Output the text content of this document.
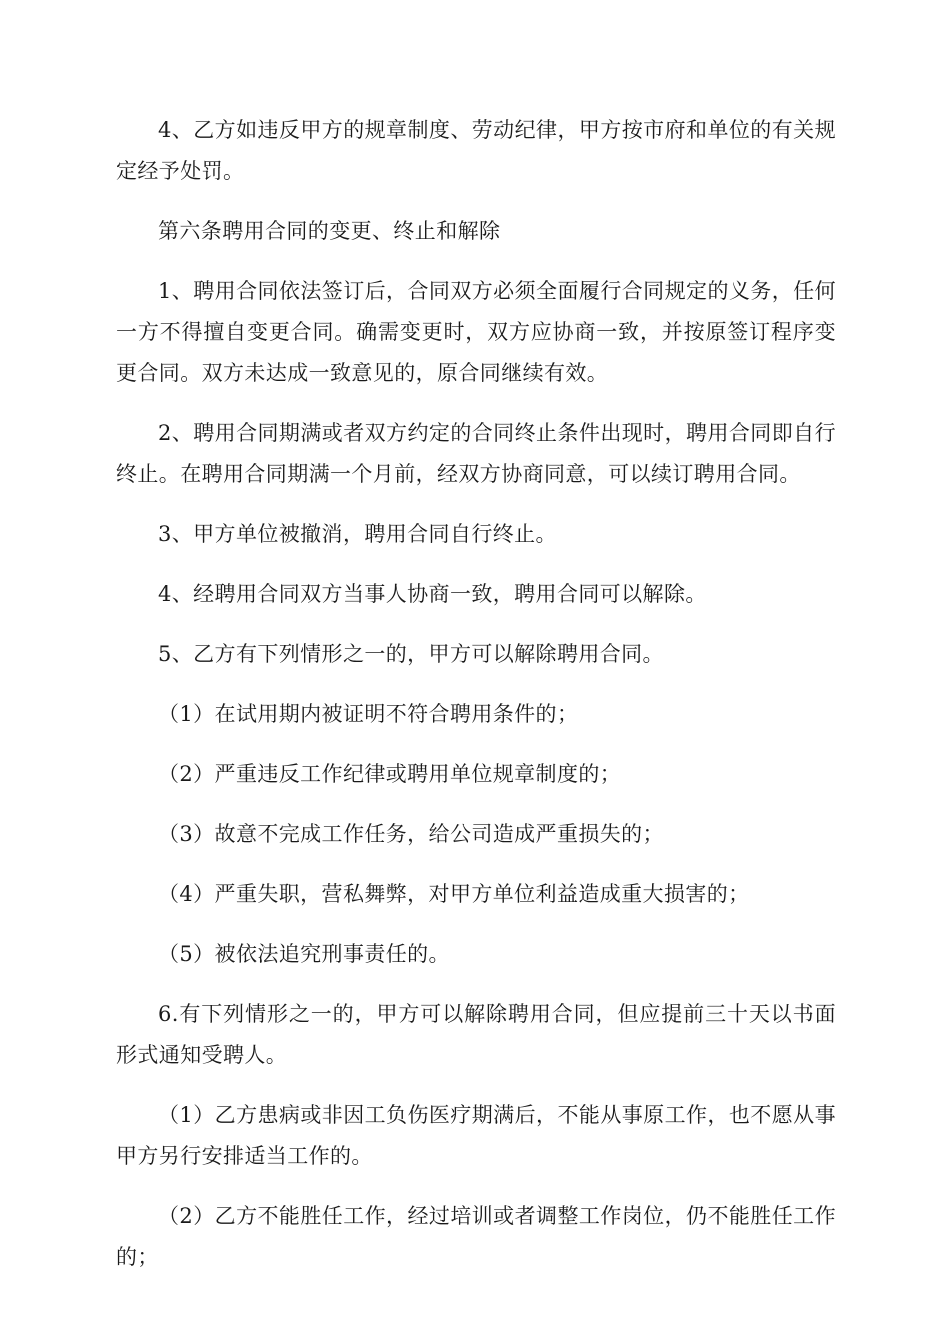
4、乙方如违反甲方的规章制度、劳动纪律，甲方按市府和单位的有关规定经予处罚。

第六条聘用合同的变更、终止和解除

1、聘用合同依法签订后，合同双方必须全面履行合同规定的义务，任何一方不得擅自变更合同。确需变更时，双方应协商一致，并按原签订程序变更合同。双方未达成一致意见的，原合同继续有效。

2、聘用合同期满或者双方约定的合同终止条件出现时，聘用合同即自行终止。在聘用合同期满一个月前，经双方协商同意，可以续订聘用合同。

3、甲方单位被撤消，聘用合同自行终止。

4、经聘用合同双方当事人协商一致，聘用合同可以解除。

5、乙方有下列情形之一的，甲方可以解除聘用合同。

（1）在试用期内被证明不符合聘用条件的；

（2）严重违反工作纪律或聘用单位规章制度的；

（3）故意不完成工作任务，给公司造成严重损失的；

（4）严重失职，营私舞弊，对甲方单位利益造成重大损害的；

（5）被依法追究刑事责任的。

6.有下列情形之一的，甲方可以解除聘用合同，但应提前三十天以书面形式通知受聘人。

（1）乙方患病或非因工负伤医疗期满后，不能从事原工作，也不愿从事甲方另行安排适当工作的。

（2）乙方不能胜任工作，经过培训或者调整工作岗位，仍不能胜任工作的；
